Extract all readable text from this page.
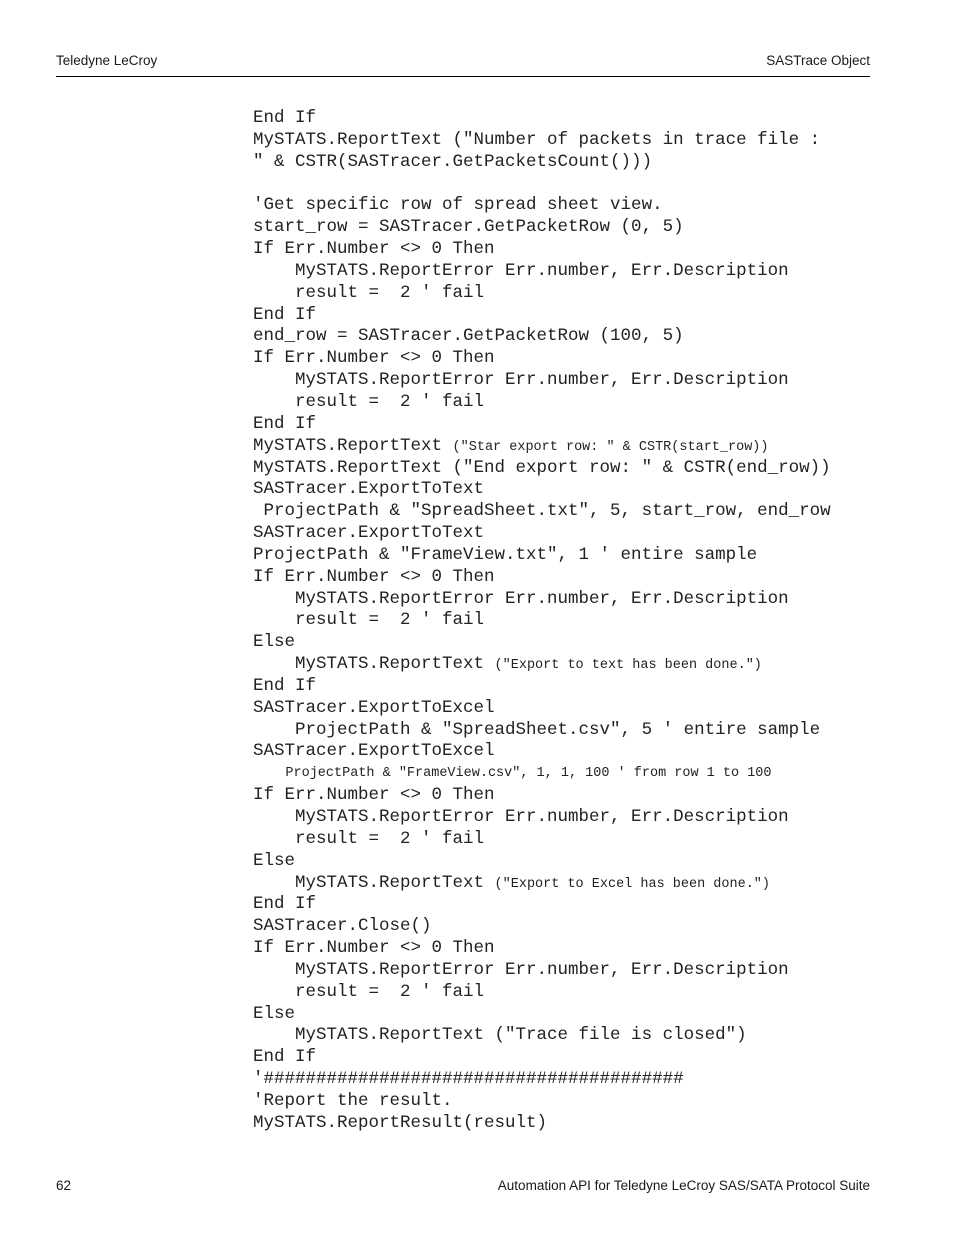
Teledyne LeCroy	SASTrace Object
End If
MySTATS.ReportText ("Number of packets in trace file :
" & CSTR(SASTracer.GetPacketsCount()))
'Get specific row of spread sheet view.
start_row = SASTracer.GetPacketRow (0, 5)
If Err.Number <> 0 Then
MySTATS.ReportError Err.number, Err.Description
result =  2 ' fail
End If
end_row = SASTracer.GetPacketRow (100, 5)
If Err.Number <> 0 Then
MySTATS.ReportError Err.number, Err.Description
result =  2 ' fail
End If
MySTATS.ReportText ("Star export row: " & CSTR(start_row))
MySTATS.ReportText ("End export row: " & CSTR(end_row))
SASTracer.ExportToText
ProjectPath & "SpreadSheet.txt", 5, start_row, end_row
SASTracer.ExportToText
ProjectPath & "FrameView.txt", 1 ' entire sample
If Err.Number <> 0 Then
MySTATS.ReportError Err.number, Err.Description
result =  2 ' fail
Else
MySTATS.ReportText ("Export to text has been done.")
End If
SASTracer.ExportToExcel
ProjectPath & "SpreadSheet.csv", 5 ' entire sample
SASTracer.ExportToExcel
ProjectPath & "FrameView.csv", 1, 1, 100 ' from row 1 to 100
If Err.Number <> 0 Then
MySTATS.ReportError Err.number, Err.Description
result =  2 ' fail
Else
MySTATS.ReportText ("Export to Excel has been done.")
End If
SASTracer.Close()
If Err.Number <> 0 Then
MySTATS.ReportError Err.number, Err.Description
result =  2 ' fail
Else
MySTATS.ReportText ("Trace file is closed")
End If
'########################################
'Report the result.
MySTATS.ReportResult(result)
62	Automation API for Teledyne LeCroy SAS/SATA Protocol Suite
